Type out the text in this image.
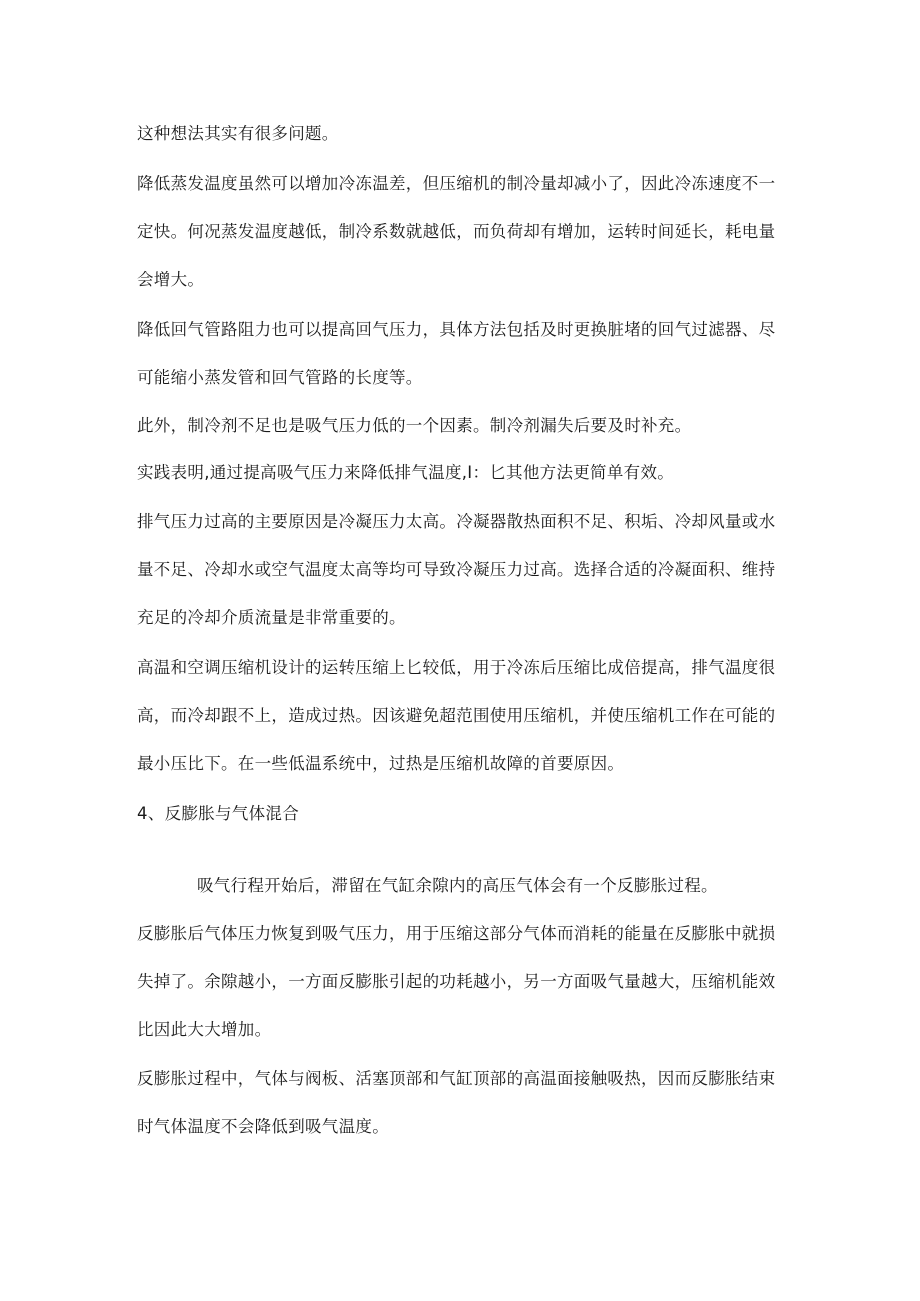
这种想法其实有很多问题。
降低蒸发温度虽然可以增加冷冻温差，但压缩机的制冷量却减小了，因此冷冻速度不一
定快。何况蒸发温度越低，制冷系数就越低，而负荷却有增加，运转时间延长，耗电量
会增大。
降低回气管路阻力也可以提高回气压力，具体方法包括及时更换脏堵的回气过滤器、尽
可能缩小蒸发管和回气管路的长度等。
此外，制冷剂不足也是吸气压力低的一个因素。制冷剂漏失后要及时补充。
实践表明,通过提高吸气压力来降低排气温度,I：匕其他方法更简单有效。
排气压力过高的主要原因是冷凝压力太高。冷凝器散热面积不足、积垢、冷却风量或水
量不足、冷却水或空气温度太高等均可导致冷凝压力过高。选择合适的冷凝面积、维持
充足的冷却介质流量是非常重要的。
高温和空调压缩机设计的运转压缩上匕较低，用于冷冻后压缩比成倍提高，排气温度很
高，而冷却跟不上，造成过热。因该避免超范围使用压缩机，并使压缩机工作在可能的
最小压比下。在一些低温系统中，过热是压缩机故障的首要原因。
4、反膨胀与气体混合
吸气行程开始后，滞留在气缸余隙内的高压气体会有一个反膨胀过程。
反膨胀后气体压力恢复到吸气压力，用于压缩这部分气体而消耗的能量在反膨胀中就损
失掉了。余隙越小，一方面反膨胀引起的功耗越小，另一方面吸气量越大，压缩机能效
比因此大大增加。
反膨胀过程中，气体与阀板、活塞顶部和气缸顶部的高温面接触吸热，因而反膨胀结束
时气体温度不会降低到吸气温度。
